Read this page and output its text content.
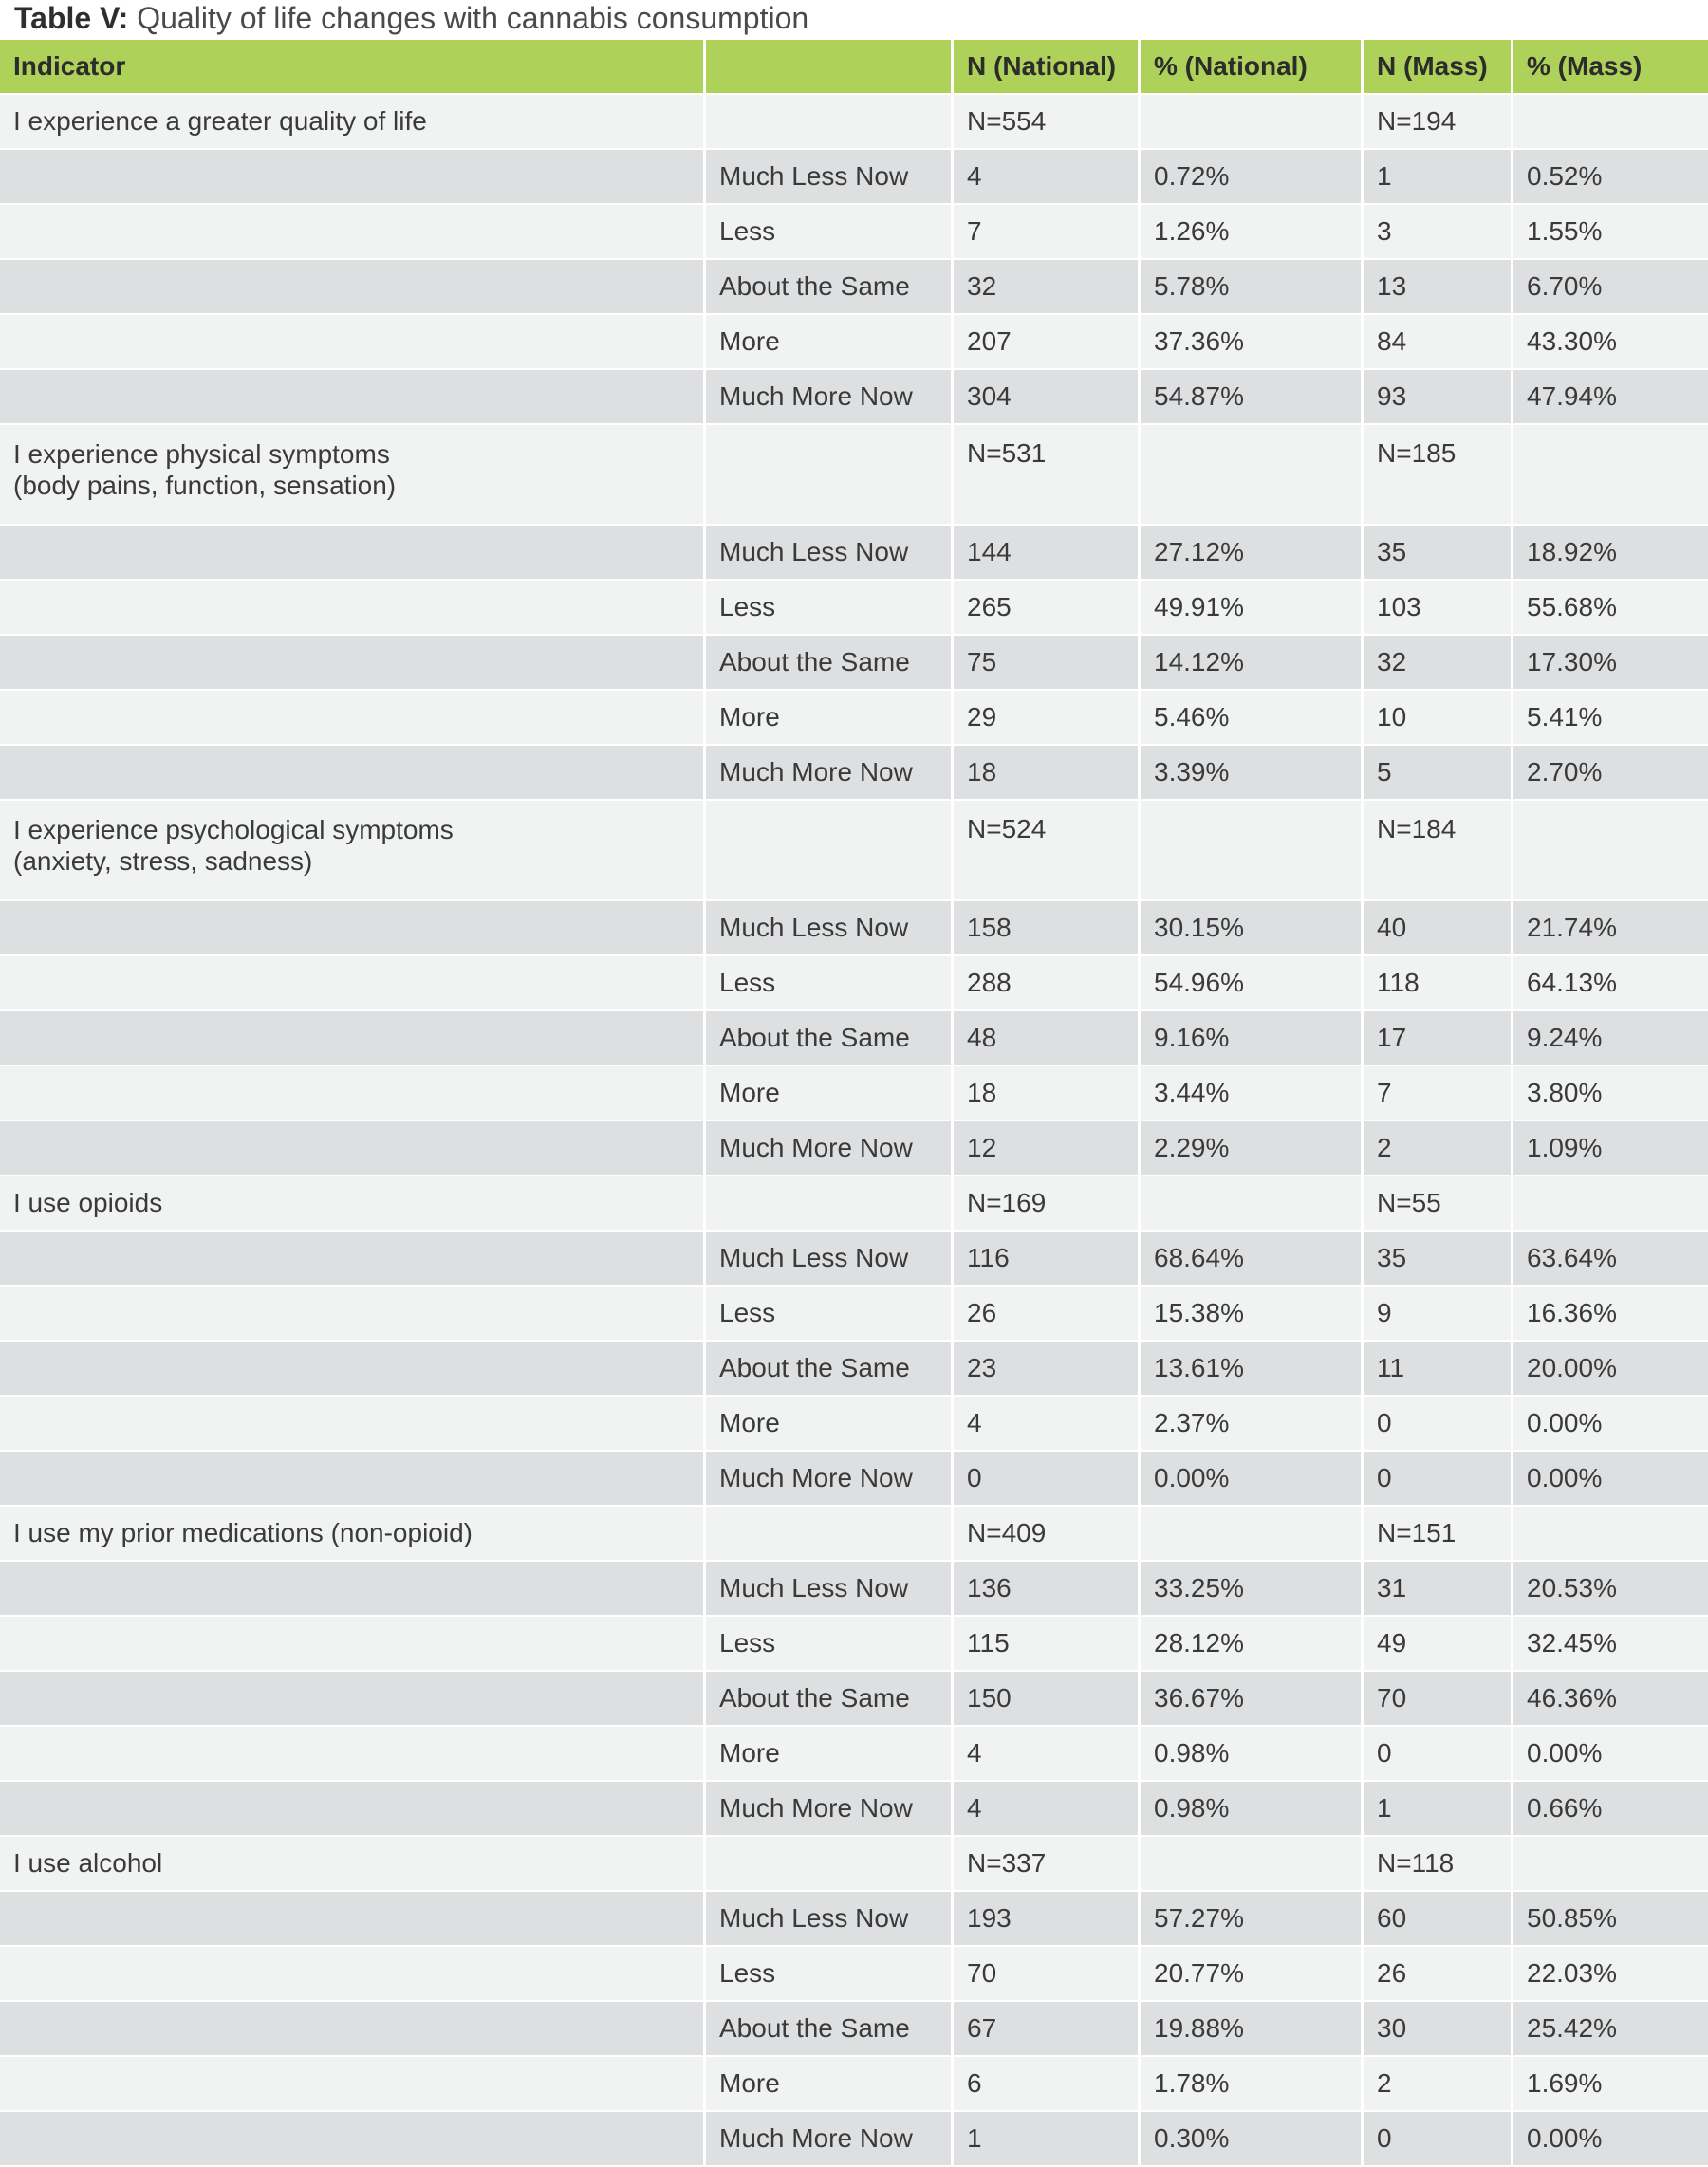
Table V: Quality of life changes with cannabis consumption
Indicator		N (National)	% (National)	N (Mass)	% (Mass)
I experience a greater quality of life		N=554		N=194	
	Much Less Now	4	0.72%	1	0.52%
	Less	7	1.26%	3	1.55%
	About the Same	32	5.78%	13	6.70%
	More	207	37.36%	84	43.30%
	Much More Now	304	54.87%	93	47.94%
I experience physical symptoms
(body pains, function, sensation)		N=531		N=185	
	Much Less Now	144	27.12%	35	18.92%
	Less	265	49.91%	103	55.68%
	About the Same	75	14.12%	32	17.30%
	More	29	5.46%	10	5.41%
	Much More Now	18	3.39%	5	2.70%
I experience psychological symptoms
(anxiety, stress, sadness)		N=524		N=184	
	Much Less Now	158	30.15%	40	21.74%
	Less	288	54.96%	118	64.13%
	About the Same	48	9.16%	17	9.24%
	More	18	3.44%	7	3.80%
	Much More Now	12	2.29%	2	1.09%
I use opioids		N=169		N=55	
	Much Less Now	116	68.64%	35	63.64%
	Less	26	15.38%	9	16.36%
	About the Same	23	13.61%	11	20.00%
	More	4	2.37%	0	0.00%
	Much More Now	0	0.00%	0	0.00%
I use my prior medications (non-opioid)		N=409		N=151	
	Much Less Now	136	33.25%	31	20.53%
	Less	115	28.12%	49	32.45%
	About the Same	150	36.67%	70	46.36%
	More	4	0.98%	0	0.00%
	Much More Now	4	0.98%	1	0.66%
I use alcohol		N=337		N=118	
	Much Less Now	193	57.27%	60	50.85%
	Less	70	20.77%	26	22.03%
	About the Same	67	19.88%	30	25.42%
	More	6	1.78%	2	1.69%
	Much More Now	1	0.30%	0	0.00%
